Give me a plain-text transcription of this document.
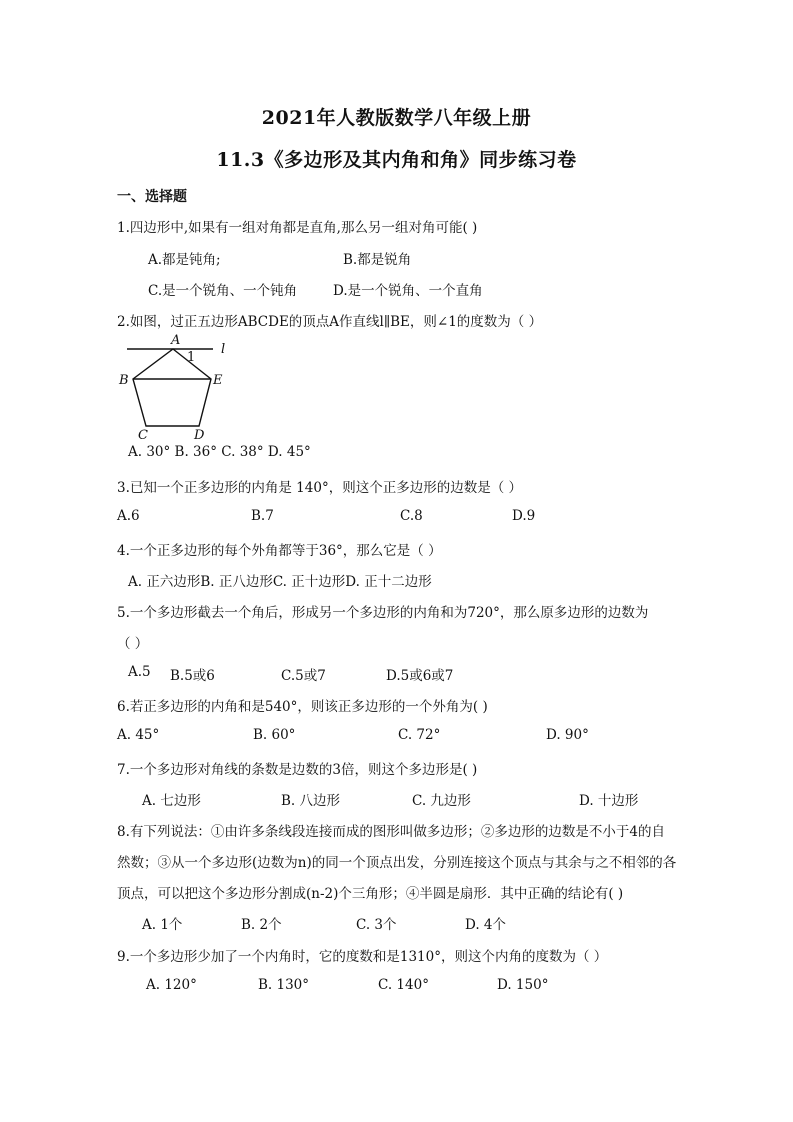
2021年人教版数学八年级上册
11.3《多边形及其内角和角》同步练习卷
一、选择题
1.四边形中,如果有一组对角都是直角,那么另一组对角可能( )
A.都是钝角;	B.都是锐角
C.是一个锐角、一个钝角	D.是一个锐角、一个直角
2.如图，过正五边形ABCDE的顶点A作直线l∥BE，则∠1的度数为（ ）
A
B
C	D
E
l
1
A. 30° B. 36° C. 38° D. 45°
3.已知一个正多边形的内角是 140°，则这个正多边形的边数是（ ）
A.6	B.7	C.8	D.9
4.一个正多边形的每个外角都等于36°，那么它是（ ）
A. 正六边形B. 正八边形C. 正十边形D. 正十二边形
5.一个多边形截去一个角后，形成另一个多边形的内角和为720°，那么原多边形的边数为
（ ）
A.5 B.5或6	C.5或7	D.5或6或7
6.若正多边形的内角和是540°，则该正多边形的一个外角为( )
A. 45°	B. 60°	C. 72°	D. 90°
7.一个多边形对角线的条数是边数的3倍，则这个多边形是( )
A. 七边形	B. 八边形	C. 九边形	D. 十边形
8.有下列说法：①由许多条线段连接而成的图形叫做多边形；②多边形的边数是不小于4的自
然数；③从一个多边形(边数为n)的同一个顶点出发，分别连接这个顶点与其余与之不相邻的各
顶点，可以把这个多边形分割成(n-2)个三角形；④半圆是扇形．其中正确的结论有( )
A. 1个	B. 2个	C. 3个	D. 4个
9.一个多边形少加了一个内角时，它的度数和是1310°，则这个内角的度数为（ ）
A. 120°	B. 130°	C. 140°	D. 150°
